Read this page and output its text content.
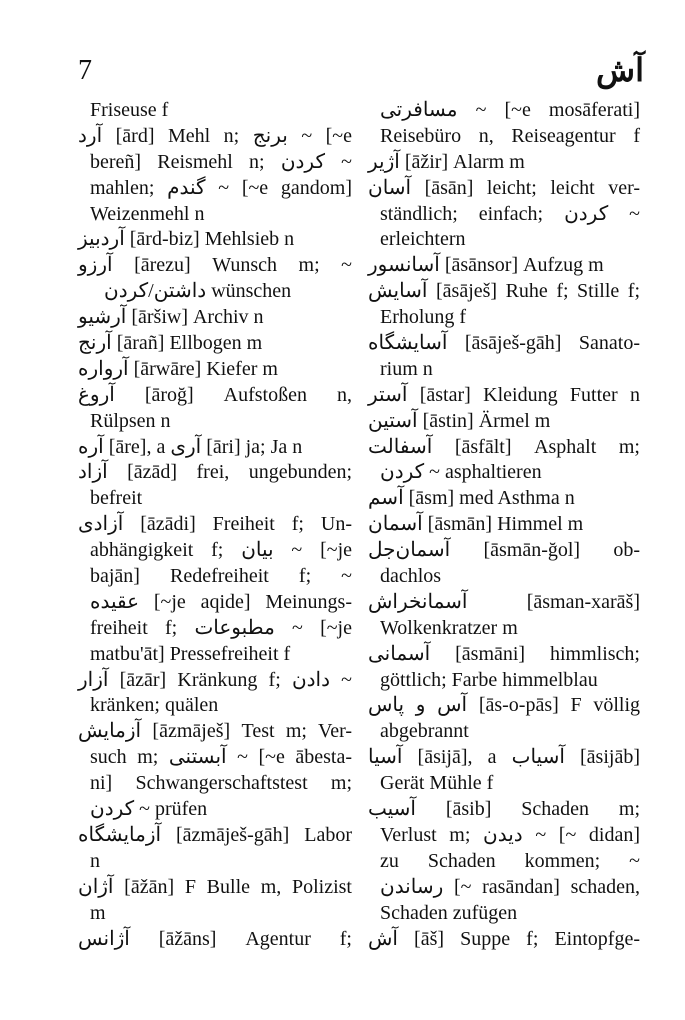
7	آش
Friseuse f
آرد [ārd] Mehl n; برنج ~ [~e
bereñ] Reismehl n; کردن ~
mahlen; گندم ~ [~e gandom]
Weizenmehl n
آردبیز [ārd-biz] Mehlsieb n
آرزو [ārezu] Wunsch m; ~
داشتن/کردن wünschen
آرشیو [āršiw] Archiv n
آرنج [ārañ] Ellbogen m
آرواره [ārwāre] Kiefer m
آروغ [āroğ] Aufstoßen n,
Rülpsen n
آره [āre], a آری [āri] ja; Ja n
آزاد [āzād] frei, ungebunden;
befreit
آزادی [āzādi] Freiheit f; Un-
abhängigkeit f; بیان ~ [~je
bajān] Redefreiheit f; ~
عقیده [~je aqide] Meinungs-
freiheit f; مطبوعات ~ [~je
matbu'āt] Pressefreiheit f
آزار [āzār] Kränkung f; دادن ~
kränken; quälen
آزمایش [āzmāješ] Test m; Ver-
such m; آبستنی ~ [~e ābesta-
ni] Schwangerschaftstest m;
کردن ~ prüfen
آزمایشگاه [āzmāješ-gāh] Labor
n
آژان [āžān] F Bulle m, Polizist
m
آژانس [āžāns] Agentur f;
مسافرتی ~ [~e mosāferati]
Reisebüro n, Reiseagentur f
آژیر [āžir] Alarm m
آسان [āsān] leicht; leicht ver-
ständlich; einfach; کردن ~
erleichtern
آسانسور [āsānsor] Aufzug m
آسایش [āsāješ] Ruhe f; Stille f;
Erholung f
آسایشگاه [āsāješ-gāh] Sanato-
rium n
آستر [āstar] Kleidung Futter n
آستین [āstin] Ärmel m
آسفالت [āsfālt] Asphalt m;
کردن ~ asphaltieren
آسم [āsm] med Asthma n
آسمان [āsmān] Himmel m
آسمان‌جل [āsmān-ğol] ob-
dachlos
آسمانخراش [āsman-xarāš]
Wolkenkratzer m
آسمانی [āsmāni] himmlisch;
göttlich; Farbe himmelblau
آس و پاس [ās-o-pās] F völlig
abgebrannt
آسیا [āsijā], a آسیاب [āsijāb]
Gerät Mühle f
آسیب [āsib] Schaden m;
Verlust m; دیدن ~ [~ didan]
zu Schaden kommen; ~
رساندن [~ rasāndan] schaden,
Schaden zufügen
آش [āš] Suppe f; Eintopfge-
